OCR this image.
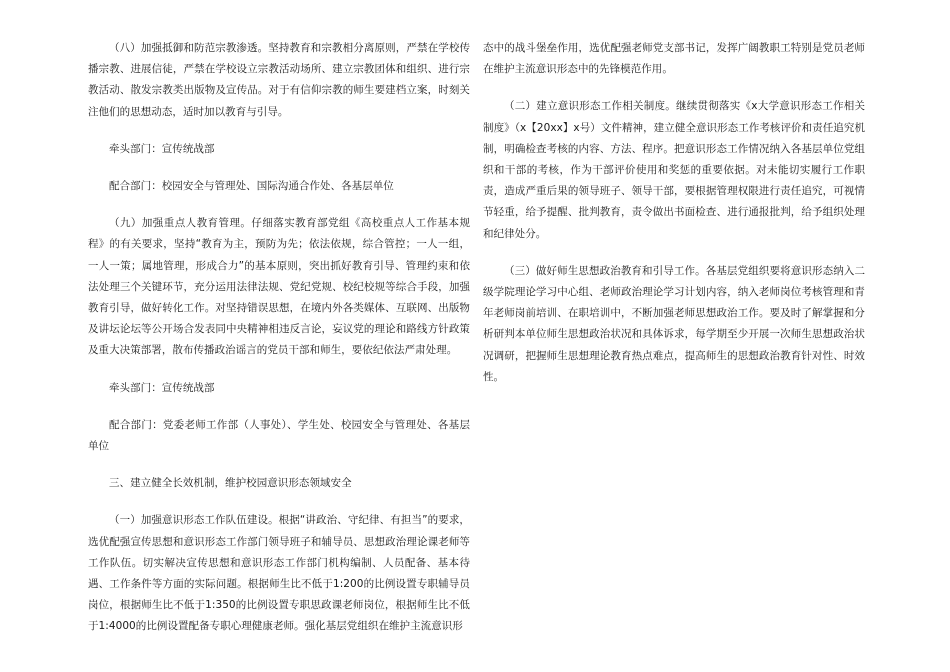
（八）加强抵御和防范宗教渗透。坚持教育和宗教相分离原则，严禁在学校传播宗教、进展信徒，严禁在学校设立宗教活动场所、建立宗教团体和组织、进行宗教活动、散发宗教类出版物及宣传品。对于有信仰宗教的师生要建档立案，时刻关注他们的思想动态，适时加以教育与引导。

牵头部门：宣传统战部

配合部门：校园安全与管理处、国际沟通合作处、各基层单位

（九）加强重点人教育管理。仔细落实教育部党组《高校重点人工作基本规程》的有关要求，坚持“教育为主，预防为先；依法依规，综合管控；一人一组，一人一策；属地管理，形成合力”的基本原则，突出抓好教育引导、管理约束和依法处理三个关键环节，充分运用法律法规、党纪党规、校纪校规等综合手段，加强教育引导，做好转化工作。对坚持错误思想，在境内外各类媒体、互联网、出版物及讲坛论坛等公开场合发表同中央精神相违反言论，妄议党的理论和路线方针政策及重大决策部署，散布传播政治谣言的党员干部和师生，要依纪依法严肃处理。

牵头部门：宣传统战部

配合部门：党委老师工作部（人事处）、学生处、校园安全与管理处、各基层单位

三、建立健全长效机制，维护校园意识形态领域安全

（一）加强意识形态工作队伍建设。根据“讲政治、守纪律、有担当”的要求，选优配强宣传思想和意识形态工作部门领导班子和辅导员、思想政治理论课老师等工作队伍。切实解决宣传思想和意识形态工作部门机构编制、人员配备、基本待遇、工作条件等方面的实际问题。根据师生比不低于1:200的比例设置专职辅导员岗位，根据师生比不低于1:350的比例设置专职思政课老师岗位，根据师生比不低于1:4000的比例设置配备专职心理健康老师。强化基层党组织在维护主流意识形

态中的战斗堡垒作用，选优配强老师党支部书记，发挥广阔教职工特别是党员老师在维护主流意识形态中的先锋模范作用。

（二）建立意识形态工作相关制度。继续贯彻落实《x大学意识形态工作相关制度》（x【20xx】x号）文件精神，建立健全意识形态工作考核评价和责任追究机制，明确检查考核的内容、方法、程序。把意识形态工作情况纳入各基层单位党组织和干部的考核，作为干部评价使用和奖惩的重要依据。对未能切实履行工作职责，造成严重后果的领导班子、领导干部，要根据管理权限进行责任追究，可视情节轻重，给予提醒、批判教育，责令做出书面检查、进行通报批判，给予组织处理和纪律处分。

（三）做好师生思想政治教育和引导工作。各基层党组织要将意识形态纳入二级学院理论学习中心组、老师政治理论学习计划内容，纳入老师岗位考核管理和青年老师岗前培训、在职培训中，不断加强老师思想政治工作。要及时了解掌握和分析研判本单位师生思想政治状况和具体诉求，每学期至少开展一次师生思想政治状况调研，把握师生思想理论教育热点难点，提高师生的思想政治教育针对性、时效性。
